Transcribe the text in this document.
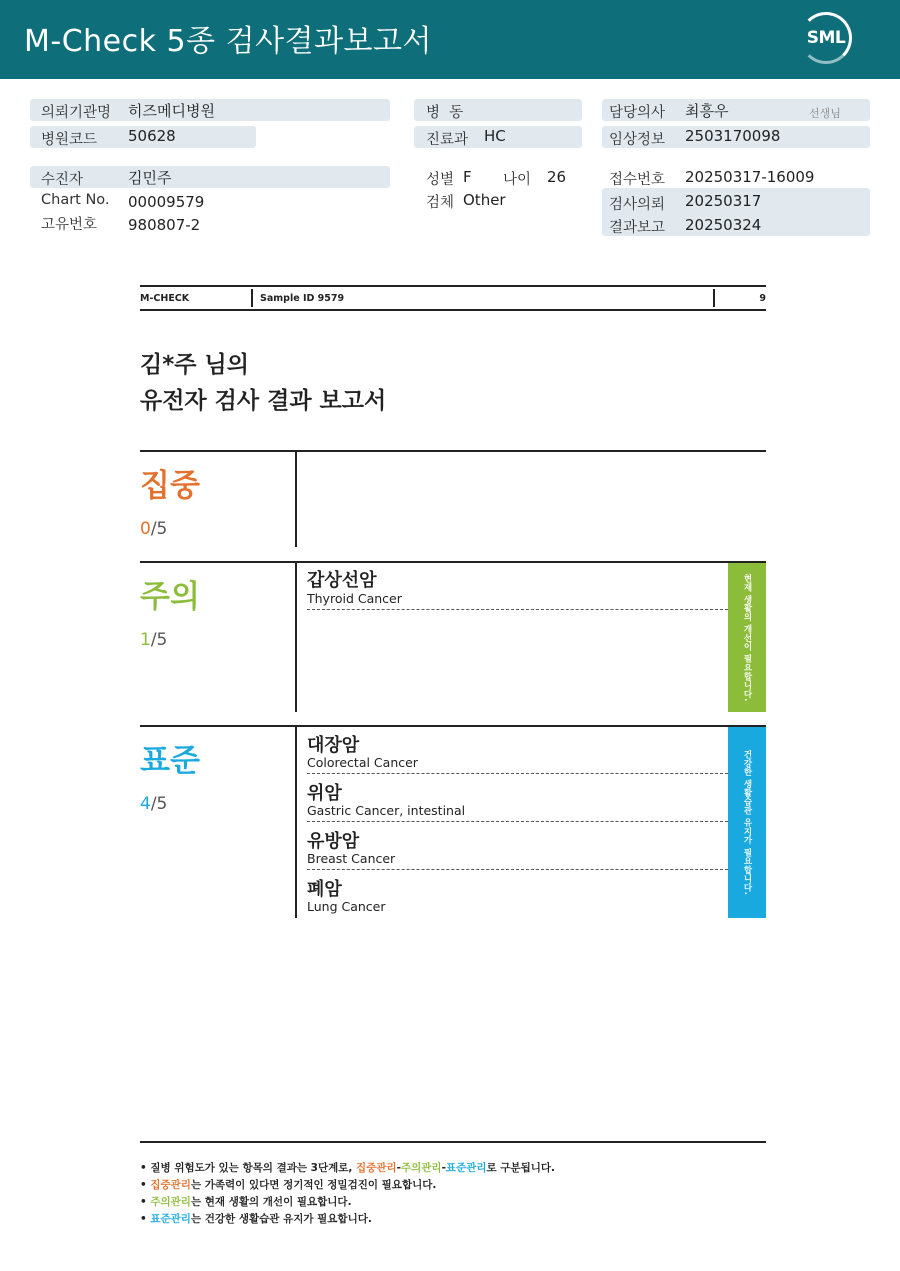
M-Check 5종 검사결과보고서	SML
의뢰기관명 히즈메디병원
병원코드 50628
수진자	김민주
Chart No. 00009579
고유번호 980807-2
병  동
진료과 HC
성별 F 나이 26
검체 Other
담당의사 최흥우	선생님
임상정보 2503170098
접수번호 20250317-16009
검사의뢰 20250317
결과보고 20250324
M-CHECK	Sample ID 9579	9
김*주 님의
유전자 검사 결과 보고서
집중
0/5
주의
1/5
갑상선암
Thyroid Cancer	현재 생활의 개선이 필요합니다.
표준
4/5
대장암
Colorectal Cancer
위암
Gastric Cancer, intestinal
유방암
Breast Cancer
폐암
Lung Cancer
건강한 생활습관 유지가 필요합니다.
• 질병 위험도가 있는 항목의 결과는 3단계로, 집중관리-주의관리-표준관리로 구분됩니다.
• 집중관리는 가족력이 있다면 정기적인 정밀검진이 필요합니다.
• 주의관리는 현재 생활의 개선이 필요합니다.
• 표준관리는 건강한 생활습관 유지가 필요합니다.
